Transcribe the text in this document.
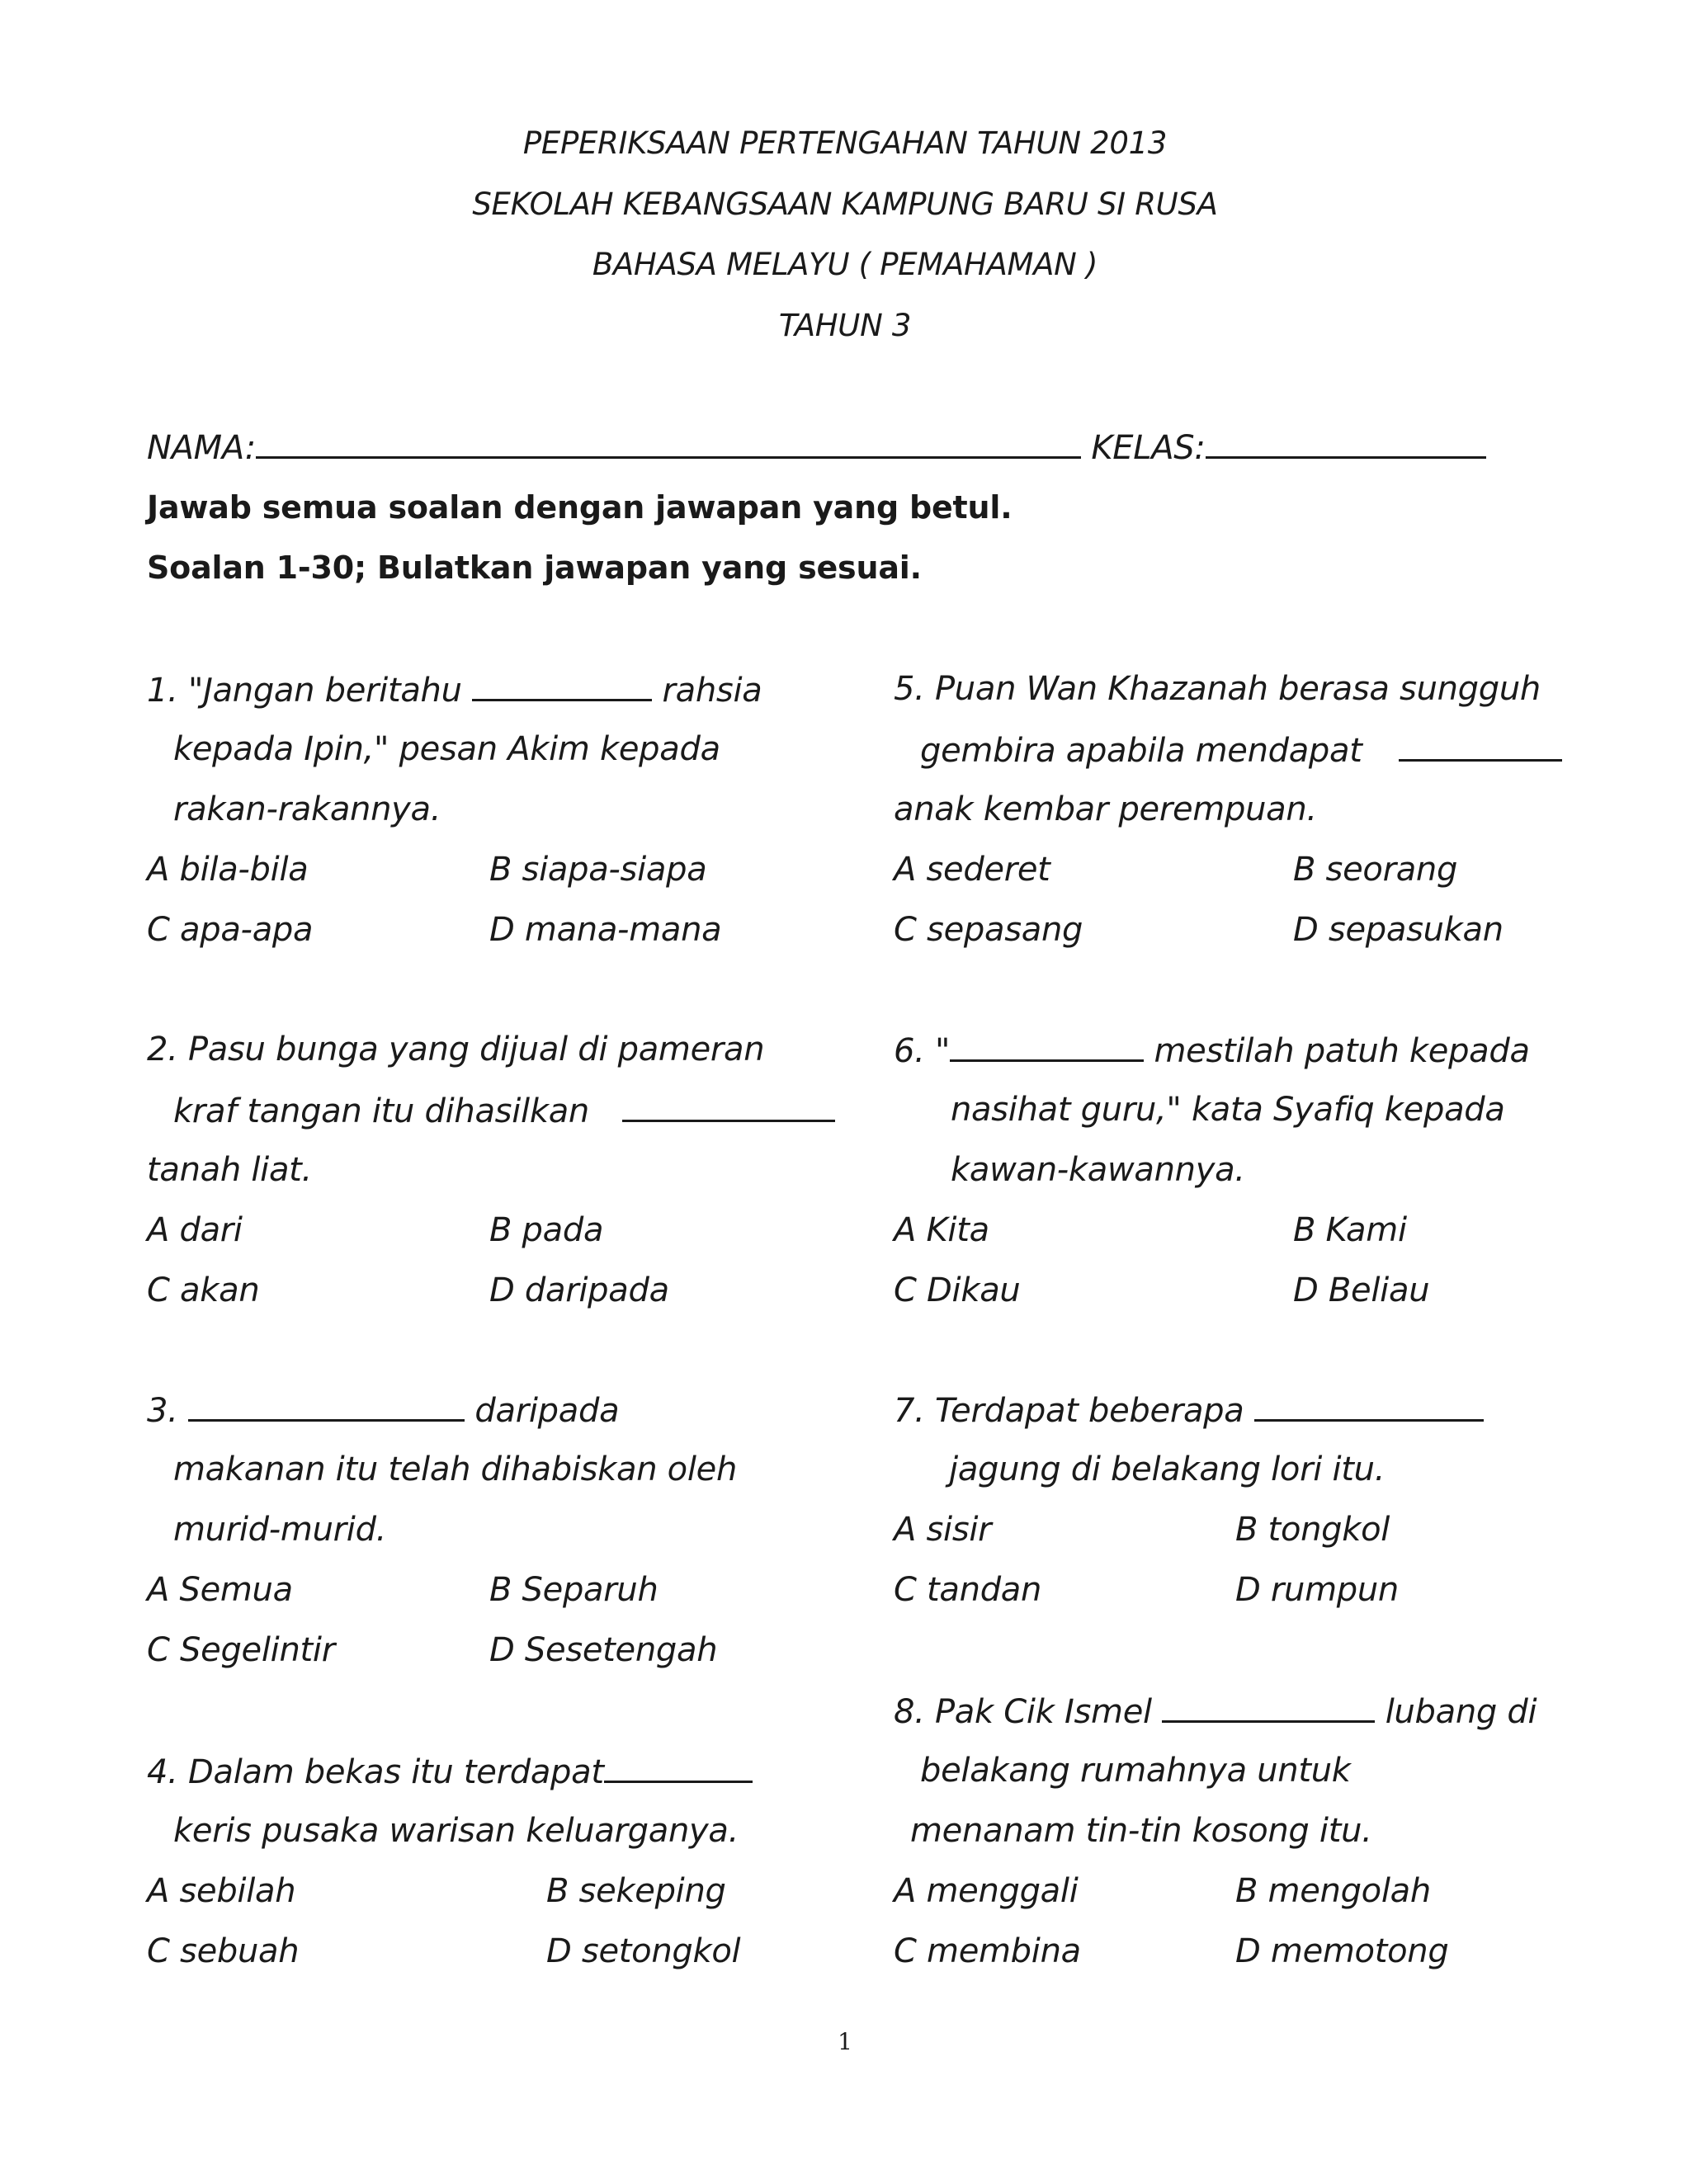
PEPERIKSAAN PERTENGAHAN TAHUN 2013
SEKOLAH KEBANGSAAN KAMPUNG BARU SI RUSA
BAHASA MELAYU ( PEMAHAMAN )
TAHUN 3
NAMA:	KELAS:
Jawab semua soalan dengan jawapan yang betul.
Soalan 1-30; Bulatkan jawapan yang sesuai.
1. "Jangan beritahu	rahsia
kepada Ipin," pesan Akim kepada
rakan-rakannya.
A bila-bila	B siapa-siapa
C apa-apa	D mana-mana
2. Pasu bunga yang dijual di pameran
kraf tangan itu dihasilkan
tanah liat.
A dari	B pada
C akan	D daripada
3.	daripada
makanan itu telah dihabiskan oleh
murid-murid.
A Semua	B Separuh
C Segelintir	D Sesetengah
4. Dalam bekas itu terdapat
keris pusaka warisan keluarganya.
A sebilah	B sekeping
C sebuah	D setongkol
5. Puan Wan Khazanah berasa sungguh
gembira apabila mendapat
anak kembar perempuan.
A sederet	B seorang
C sepasang	D sepasukan
6. "	mestilah patuh kepada
nasihat guru," kata Syafiq kepada
kawan-kawannya.
A Kita	B Kami
C Dikau	D Beliau
7. Terdapat beberapa
jagung di belakang lori itu.
A sisir	B tongkol
C tandan	D rumpun
8. Pak Cik Ismel	lubang di
belakang rumahnya untuk
menanam tin-tin kosong itu.
A menggali	B mengolah
C membina	D memotong
1
